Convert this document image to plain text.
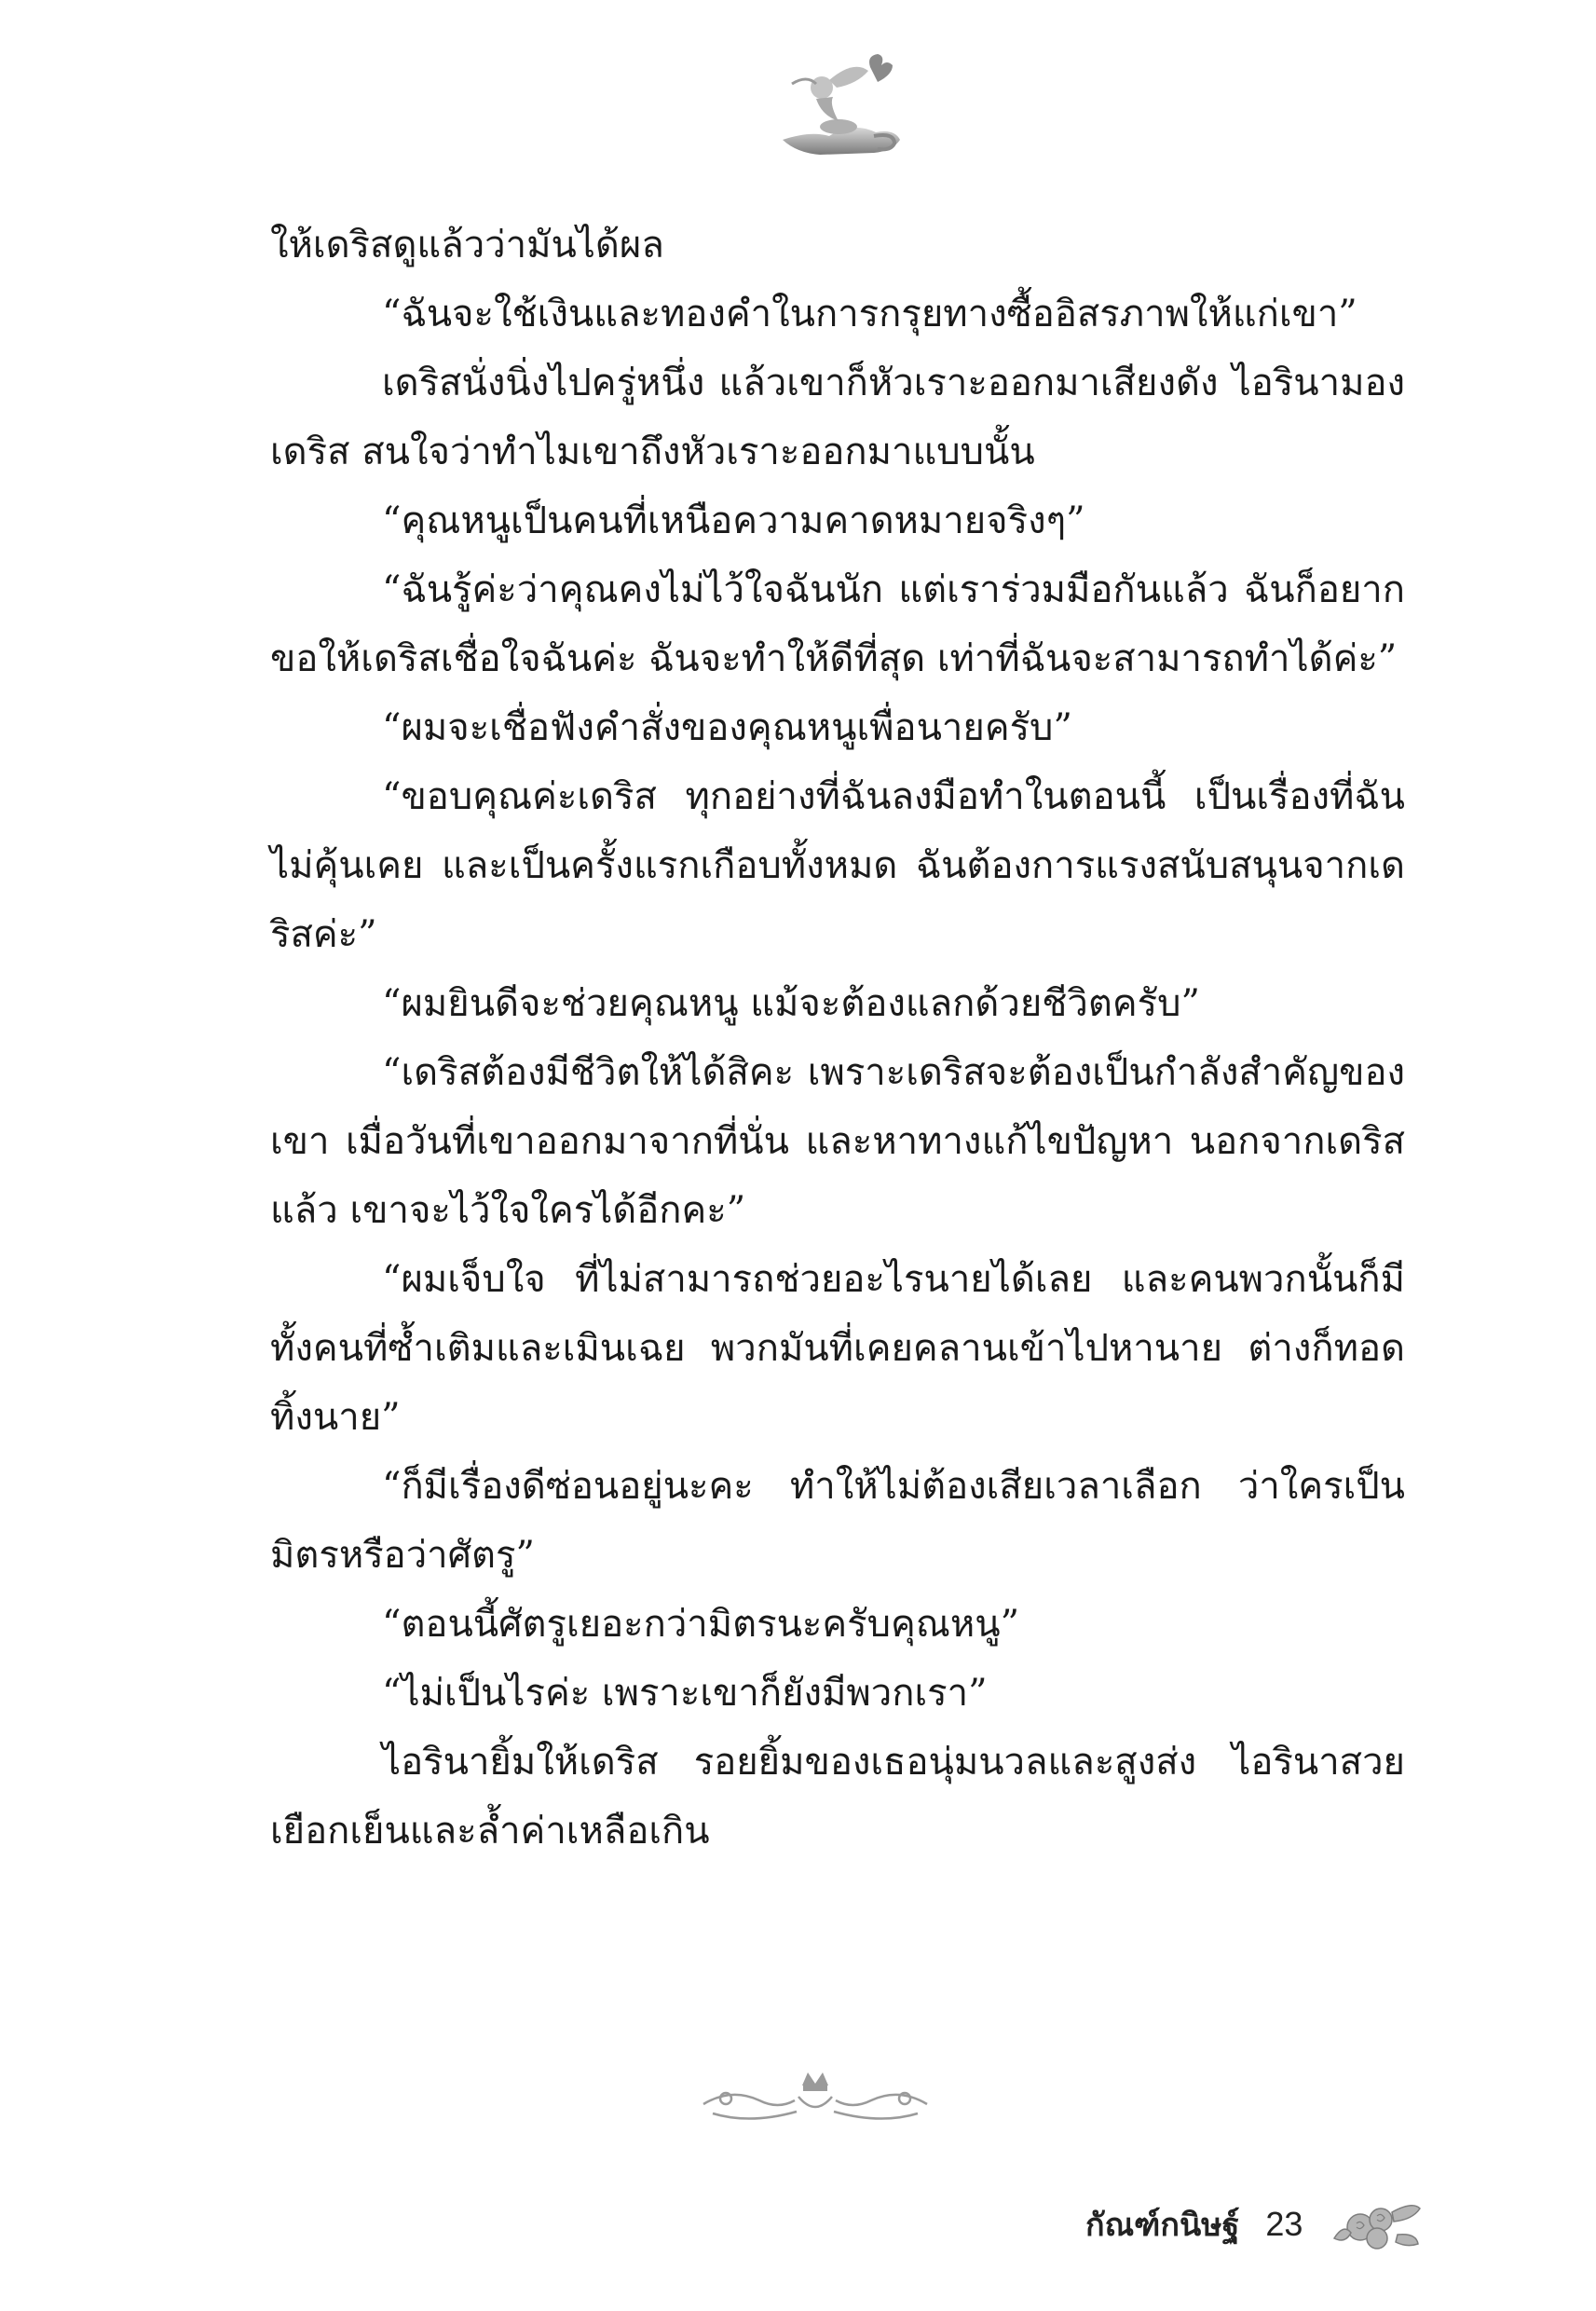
ให้เดริสดูแล้วว่ามันได้ผล

“ฉันจะใช้เงินและทองคำในการกรุยทางซื้ออิสรภาพให้แก่เขา”

เดริสนั่งนิ่งไปครู่หนึ่ง แล้วเขาก็หัวเราะออกมาเสียงดัง ไอรินามองเดริส สนใจว่าทำไมเขาถึงหัวเราะออกมาแบบนั้น

“คุณหนูเป็นคนที่เหนือความคาดหมายจริงๆ”

“ฉันรู้ค่ะว่าคุณคงไม่ไว้ใจฉันนัก แต่เราร่วมมือกันแล้ว ฉันก็อยากขอให้เดริสเชื่อใจฉันค่ะ ฉันจะทำให้ดีที่สุด เท่าที่ฉันจะสามารถทำได้ค่ะ”

“ผมจะเชื่อฟังคำสั่งของคุณหนูเพื่อนายครับ”

“ขอบคุณค่ะเดริส ทุกอย่างที่ฉันลงมือทำในตอนนี้ เป็นเรื่องที่ฉันไม่คุ้นเคย และเป็นครั้งแรกเกือบทั้งหมด ฉันต้องการแรงสนับสนุนจากเดริสค่ะ”

“ผมยินดีจะช่วยคุณหนู แม้จะต้องแลกด้วยชีวิตครับ”

“เดริสต้องมีชีวิตให้ได้สิคะ เพราะเดริสจะต้องเป็นกำลังสำคัญของเขา เมื่อวันที่เขาออกมาจากที่นั่น และหาทางแก้ไขปัญหา นอกจากเดริสแล้ว เขาจะไว้ใจใครได้อีกคะ”

“ผมเจ็บใจ ที่ไม่สามารถช่วยอะไรนายได้เลย และคนพวกนั้นก็มีทั้งคนที่ซ้ำเติมและเมินเฉย พวกมันที่เคยคลานเข้าไปหานาย ต่างก็ทอดทิ้งนาย”

“ก็มีเรื่องดีซ่อนอยู่นะคะ ทำให้ไม่ต้องเสียเวลาเลือก ว่าใครเป็นมิตรหรือว่าศัตรู”

“ตอนนี้ศัตรูเยอะกว่ามิตรนะครับคุณหนู”

“ไม่เป็นไรค่ะ เพราะเขาก็ยังมีพวกเรา”

ไอรินายิ้มให้เดริส รอยยิ้มของเธอนุ่มนวลและสูงส่ง ไอรินาสวยเยือกเย็นและล้ำค่าเหลือเกิน

กัณฑ์กนิษฐ์ 23
